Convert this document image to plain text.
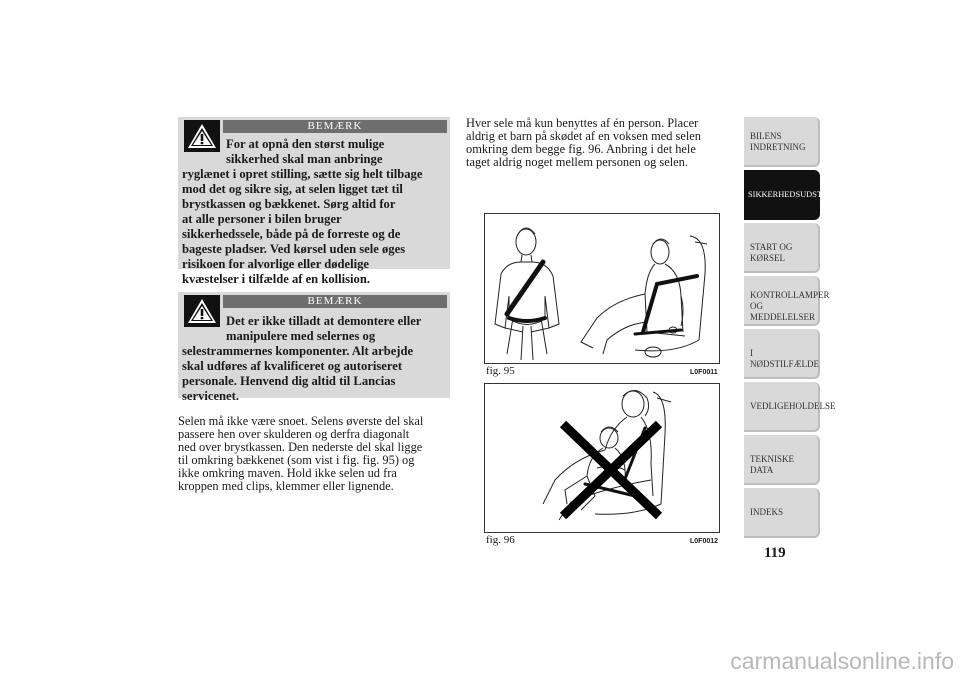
BEMÆRK
For at opnå den størst mulige
sikkerhed skal man anbringe
ryglænet i opret stilling, sætte sig helt tilbage
mod det og sikre sig, at selen ligget tæt til
brystkassen og bækkenet. Sørg altid for
at alle personer i bilen bruger
sikkerhedssele, både på de forreste og de
bageste pladser. Ved kørsel uden sele øges
risikoen for alvorlige eller dødelige
kvæstelser i tilfælde af en kollision.
BEMÆRK
Det er ikke tilladt at demontere eller
manipulere med selernes og
selestrammernes komponenter. Alt arbejde
skal udføres af kvalificeret og autoriseret
personale. Henvend dig altid til Lancias
servicenet.
Selen må ikke være snoet. Selens øverste del skal
passere hen over skulderen og derfra diagonalt
ned over brystkassen. Den nederste del skal ligge
til omkring bækkenet (som vist i fig. fig. 95) og
ikke omkring maven. Hold ikke selen ud fra
kroppen med clips, klemmer eller lignende.
Hver sele må kun benyttes af én person. Placer
aldrig et barn på skødet af en voksen med selen
omkring dem begge fig. 96. Anbring i det hele
taget aldrig noget mellem personen og selen.
fig. 95	L0F0011
fig. 96	L0F0012
BILENS
INDRETNING
SIKKERHEDSUDSTYR
START OG KØRSEL
KONTROLLAMPER
OG MEDDELELSER
I NØDSTILFÆLDE
VEDLIGEHOLDELSE
TEKNISKE DATA
INDEKS
119
carmanualsonline.info
